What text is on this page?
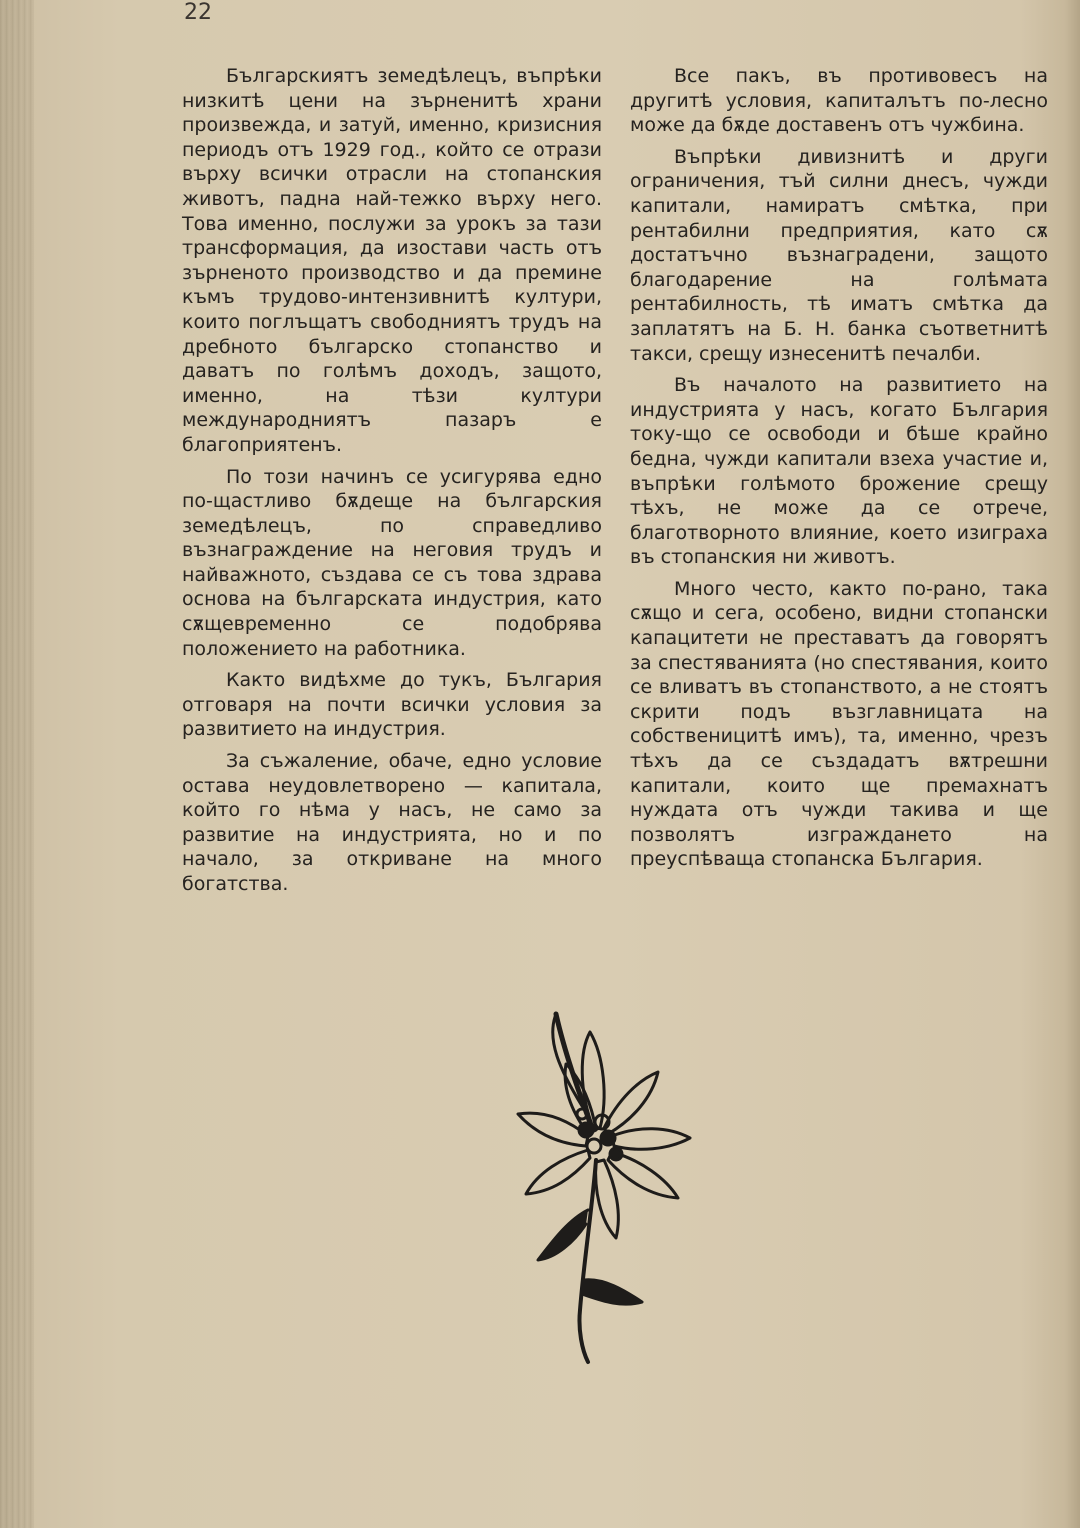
22

Българскиятъ земедѣлецъ, въпрѣки низкитѣ цени на зърненитѣ храни произвежда, и затуй, именно, кризисния периодъ отъ 1929 год., който се отрази върху всички отрасли на стопанския животъ, падна най-тежко върху него. Това именно, послужи за урокъ за тази трансформация, да изостави часть отъ зърненото производство и да премине къмъ трудово-интензивнитѣ култури, които поглъщатъ свободниятъ трудъ на дребното българско стопанство и даватъ по голѣмъ доходъ, защото, именно, на тѣзи култури международниятъ пазаръ е благоприятенъ.

По този начинъ се усигурява едно по-щастливо бѫдеще на българския земедѣлецъ, по справедливо възнаграждение на неговия трудъ и найважното, създава се съ това здрава основа на българската индустрия, като сѫщевременно се подобрява положението на работника.

Както видѣхме до тукъ, България отговаря на почти всички условия за развитието на индустрия.

За съжаление, обаче, едно условие остава неудовлетворено — капитала, който го нѣма у насъ, не само за развитие на индустрията, но и по начало, за откриване на много богатства.

Все пакъ, въ противовесъ на другитѣ условия, капиталътъ по-лесно може да бѫде доставенъ отъ чужбина.

Въпрѣки дивизнитѣ и други ограничения, тъй силни днесъ, чужди капитали, намиратъ смѣтка, при рентабилни предприятия, като сѫ достатъчно възнаградени, защото благодарение на голѣмата рентабилность, тѣ иматъ смѣтка да заплатятъ на Б. Н. банка съответнитѣ такси, срещу изнесенитѣ печалби.

Въ началото на развитието на индустрията у насъ, когато България току-що се освободи и бѣше крайно бедна, чужди капитали взеха участие и, въпрѣки голѣмото брожение срещу тѣхъ, не може да се отрече, благотворното влияние, което изиграха въ стопанския ни животъ.

Много често, както по-рано, така сѫщо и сега, особено, видни стопански капацитети не преставатъ да говорятъ за спестяванията (но спестявания, които се вливатъ въ стопанството, а не стоятъ скрити подъ възглавницата на собственицитѣ имъ), та, именно, чрезъ тѣхъ да се създадатъ вѫтрешни капитали, които ще премахнатъ нуждата отъ чужди такива и ще позволятъ изграждането на преуспѣваща стопанска България.
